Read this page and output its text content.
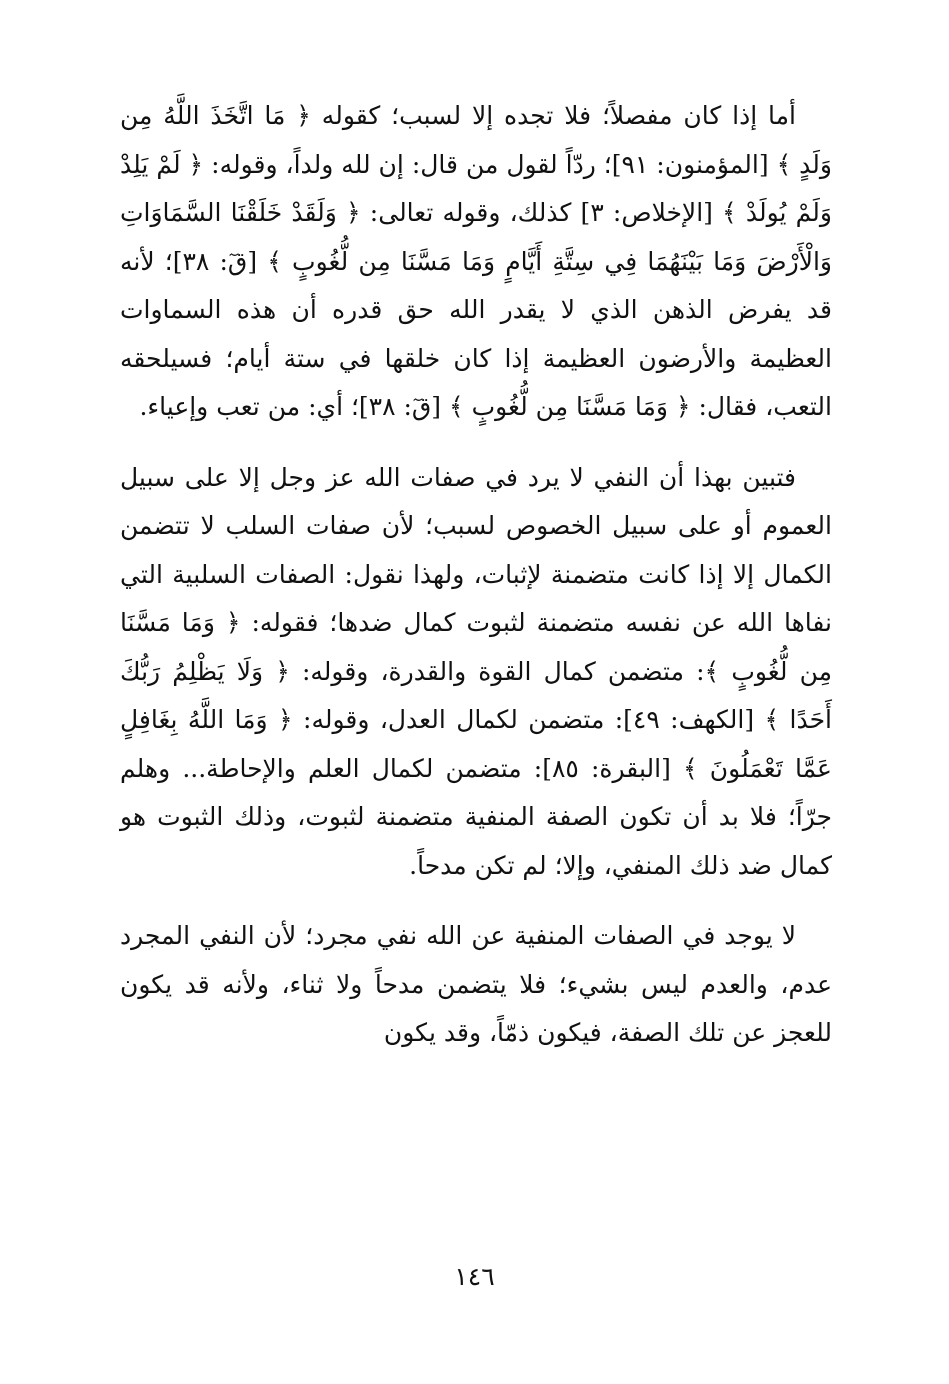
أما إذا كان مفصلاً؛ فلا تجده إلا لسبب؛ كقوله ﴿ مَا اتَّخَذَ اللَّهُ مِن وَلَدٍ ﴾ [المؤمنون: ٩١]؛ ردّاً لقول من قال: إن لله ولداً، وقوله: ﴿ لَمْ يَلِدْ وَلَمْ يُولَدْ ﴾ [الإخلاص: ٣] كذلك، وقوله تعالى: ﴿ وَلَقَدْ خَلَقْنَا السَّمَاوَاتِ وَالْأَرْضَ وَمَا بَيْنَهُمَا فِي سِتَّةِ أَيَّامٍ وَمَا مَسَّنَا مِن لُّغُوبٍ ﴾ [قٓ: ٣٨]؛ لأنه قد يفرض الذهن الذي لا يقدر الله حق قدره أن هذه السماوات العظيمة والأرضون العظيمة إذا كان خلقها في ستة أيام؛ فسيلحقه التعب، فقال: ﴿ وَمَا مَسَّنَا مِن لُّغُوبٍ ﴾ [قٓ: ٣٨]؛ أي: من تعب وإعياء.

فتبين بهذا أن النفي لا يرد في صفات الله عز وجل إلا على سبيل العموم أو على سبيل الخصوص لسبب؛ لأن صفات السلب لا تتضمن الكمال إلا إذا كانت متضمنة لإثبات، ولهذا نقول: الصفات السلبية التي نفاها الله عن نفسه متضمنة لثبوت كمال ضدها؛ فقوله: ﴿ وَمَا مَسَّنَا مِن لُّغُوبٍ ﴾: متضمن كمال القوة والقدرة، وقوله: ﴿ وَلَا يَظْلِمُ رَبُّكَ أَحَدًا ﴾ [الكهف: ٤٩]: متضمن لكمال العدل، وقوله: ﴿ وَمَا اللَّهُ بِغَافِلٍ عَمَّا تَعْمَلُونَ ﴾ [البقرة: ٨٥]: متضمن لكمال العلم والإحاطة... وهلم جرّاً؛ فلا بد أن تكون الصفة المنفية متضمنة لثبوت، وذلك الثبوت هو كمال ضد ذلك المنفي، وإلا؛ لم تكن مدحاً.

لا يوجد في الصفات المنفية عن الله نفي مجرد؛ لأن النفي المجرد عدم، والعدم ليس بشيء؛ فلا يتضمن مدحاً ولا ثناء، ولأنه قد يكون للعجز عن تلك الصفة، فيكون ذمّاً، وقد يكون

١٤٦
